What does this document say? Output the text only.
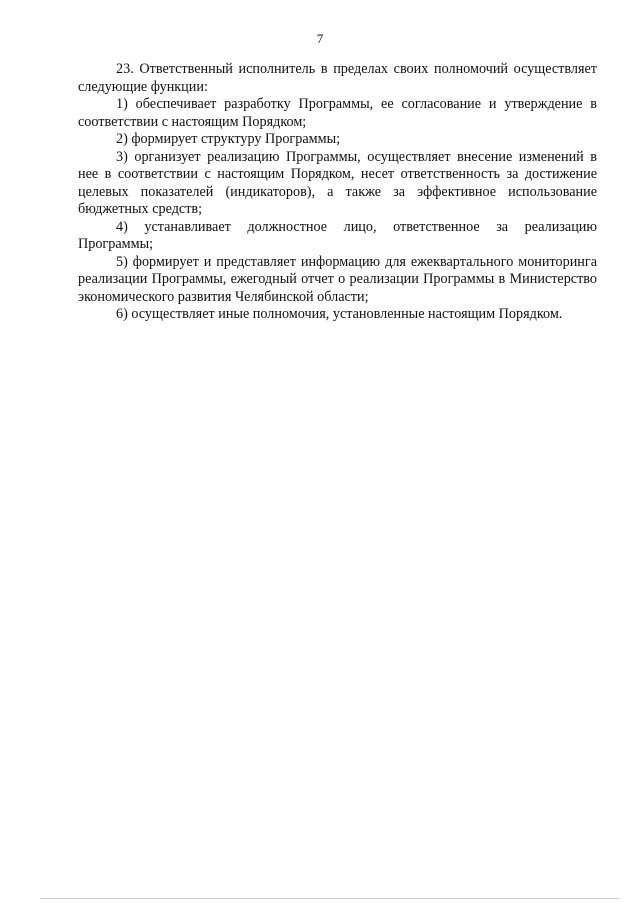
7

23. Ответственный исполнитель в пределах своих полномочий осуществляет следующие функции:

1) обеспечивает разработку Программы, ее согласование и утверждение в соответствии с настоящим Порядком;

2) формирует структуру Программы;

3) организует реализацию Программы, осуществляет внесение изменений в нее в соответствии с настоящим Порядком, несет ответственность за достижение целевых показателей (индикаторов), а также за эффективное использование бюджетных средств;

4) устанавливает должностное лицо, ответственное за реализацию Программы;

5) формирует и представляет информацию для ежеквартального мониторинга реализации Программы, ежегодный отчет о реализации Программы в Министерство экономического развития Челябинской области;

6) осуществляет иные полномочия, установленные настоящим Порядком.
